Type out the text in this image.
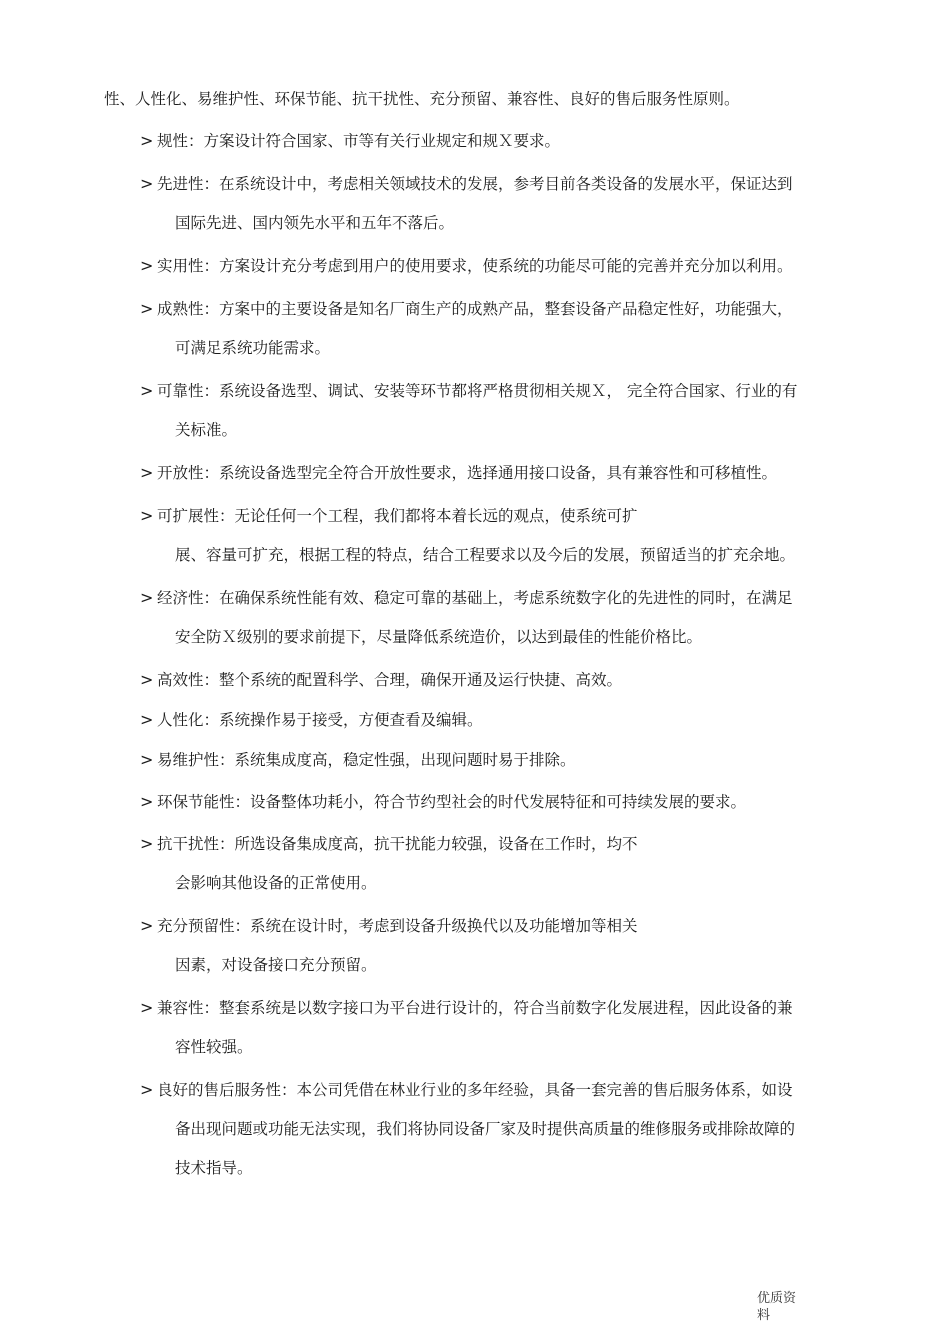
性、人性化、易维护性、环保节能、抗干扰性、充分预留、兼容性、良好的售后服务性原则。
> 规性：方案设计符合国家、市等有关行业规定和规Ｘ要求。
> 先进性：在系统设计中，考虑相关领域技术的发展，参考目前各类设备的发展水平，保证达到
国际先进、国内领先水平和五年不落后。
> 实用性：方案设计充分考虑到用户的使用要求，使系统的功能尽可能的完善并充分加以利用。
> 成熟性：方案中的主要设备是知名厂商生产的成熟产品，整套设备产品稳定性好，功能强大，
可满足系统功能需求。
> 可靠性：系统设备选型、调试、安装等环节都将严格贯彻相关规Ｘ， 完全符合国家、行业的有
关标准。
> 开放性：系统设备选型完全符合开放性要求，选择通用接口设备，具有兼容性和可移植性。
> 可扩展性：无论任何一个工程，我们都将本着长远的观点，使系统可扩
展、容量可扩充，根据工程的特点，结合工程要求以及今后的发展，预留适当的扩充余地。
> 经济性：在确保系统性能有效、稳定可靠的基础上，考虑系统数字化的先进性的同时，在满足
安全防Ｘ级别的要求前提下，尽量降低系统造价，以达到最佳的性能价格比。
> 高效性：整个系统的配置科学、合理，确保开通及运行快捷、高效。
> 人性化：系统操作易于接受，方便查看及编辑。
> 易维护性：系统集成度高，稳定性强，出现问题时易于排除。
> 环保节能性：设备整体功耗小，符合节约型社会的时代发展特征和可持续发展的要求。
> 抗干扰性：所选设备集成度高，抗干扰能力较强，设备在工作时，均不
会影响其他设备的正常使用。
> 充分预留性：系统在设计时，考虑到设备升级换代以及功能增加等相关
因素，对设备接口充分预留。
> 兼容性：整套系统是以数字接口为平台进行设计的，符合当前数字化发展进程，因此设备的兼
容性较强。
> 良好的售后服务性：本公司凭借在林业行业的多年经验，具备一套完善的售后服务体系，如设
备出现问题或功能无法实现，我们将协同设备厂家及时提供高质量的维修服务或排除故障的
技术指导。
优质资料
